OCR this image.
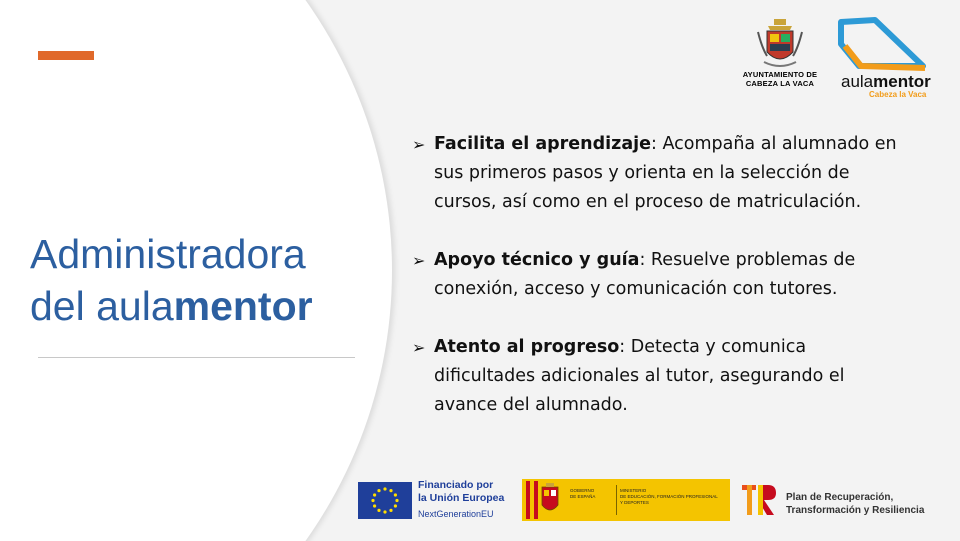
Administradora
del aulamentor
➢ Facilita el aprendizaje: Acompaña al alumnado en sus primeros pasos y orienta en la selección de cursos, así como en el proceso de matriculación.
➢ Apoyo técnico y guía: Resuelve problemas de conexión, acceso y comunicación con tutores.
➢ Atento al progreso: Detecta y comunica dificultades adicionales al tutor, asegurando el avance del alumnado.
AYUNTAMIENTO DE
CABEZA LA VACA	aulamentor
Cabeza la Vaca
Financiado por
la Unión Europea
NextGenerationEU
GOBIERNO
DE ESPAÑA
MINISTERIO
DE EDUCACIÓN, FORMACIÓN PROFESIONAL
Y DEPORTES	Plan de Recuperación,
Transformación y Resiliencia
